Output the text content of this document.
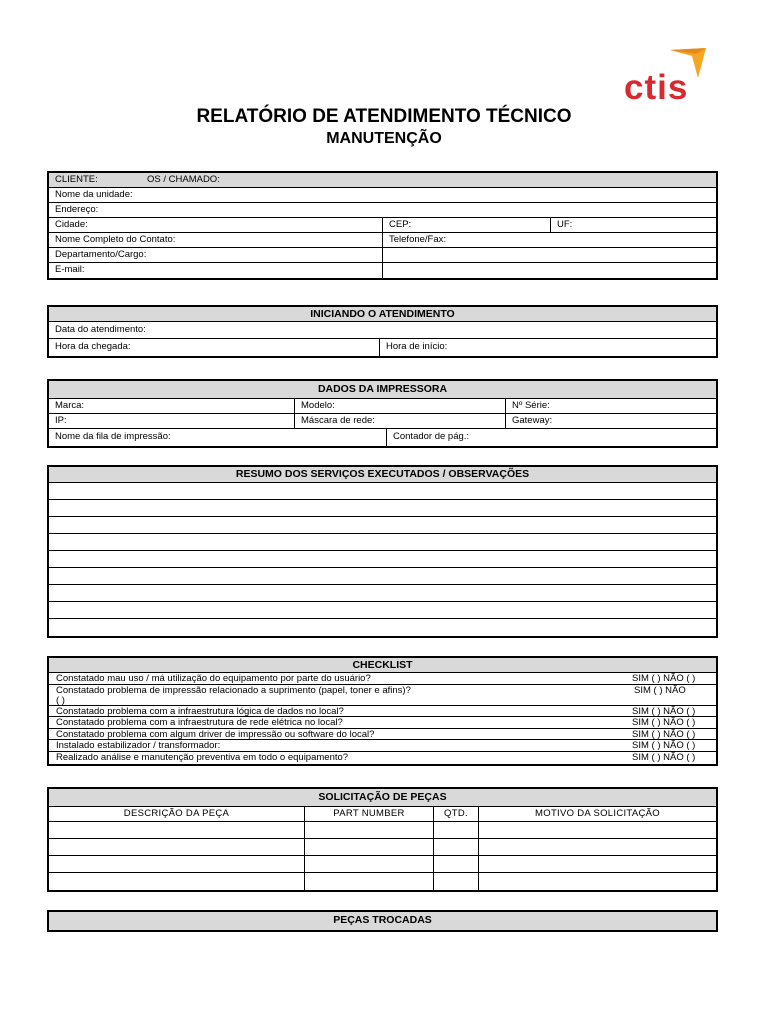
ctis
RELATÓRIO DE ATENDIMENTO TÉCNICO
MANUTENÇÃO
CLIENTE:	OS / CHAMADO:
Nome da unidade:
Endereço:
Cidade:	CEP:	UF:
Nome Completo do Contato:	Telefone/Fax:
Departamento/Cargo:
E-mail:
INICIANDO O ATENDIMENTO
Data do atendimento:
Hora da chegada:	Hora de início:
DADOS DA IMPRESSORA
Marca:	Modelo:	Nº Série:
IP:	Máscara de rede:	Gateway:
Nome da fila de impressão:	Contador de pág.:
RESUMO DOS SERVIÇOS EXECUTADOS / OBSERVAÇÕES
CHECKLIST
Constatado mau uso / má utilização do equipamento por parte do usuário?	SIM ( ) NÃO ( )
Constatado problema de impressão relacionado a suprimento (papel, toner e afins)?	SIM ( ) NÃO
( )
Constatado problema com a infraestrutura lógica de dados no local?	SIM ( ) NÃO ( )
Constatado problema com a infraestrutura de rede elétrica no local?	SIM ( ) NÃO ( )
Constatado problema com algum driver de impressão ou software do local?	SIM ( ) NÃO ( )
Instalado estabilizador / transformador:	SIM ( ) NÃO ( )
Realizado análise e manutenção preventiva em todo o equipamento?	SIM ( ) NÃO ( )
SOLICITAÇÃO DE PEÇAS
DESCRIÇÃO DA PEÇA	PART NUMBER	QTD.	MOTIVO DA SOLICITAÇÃO
PEÇAS TROCADAS
